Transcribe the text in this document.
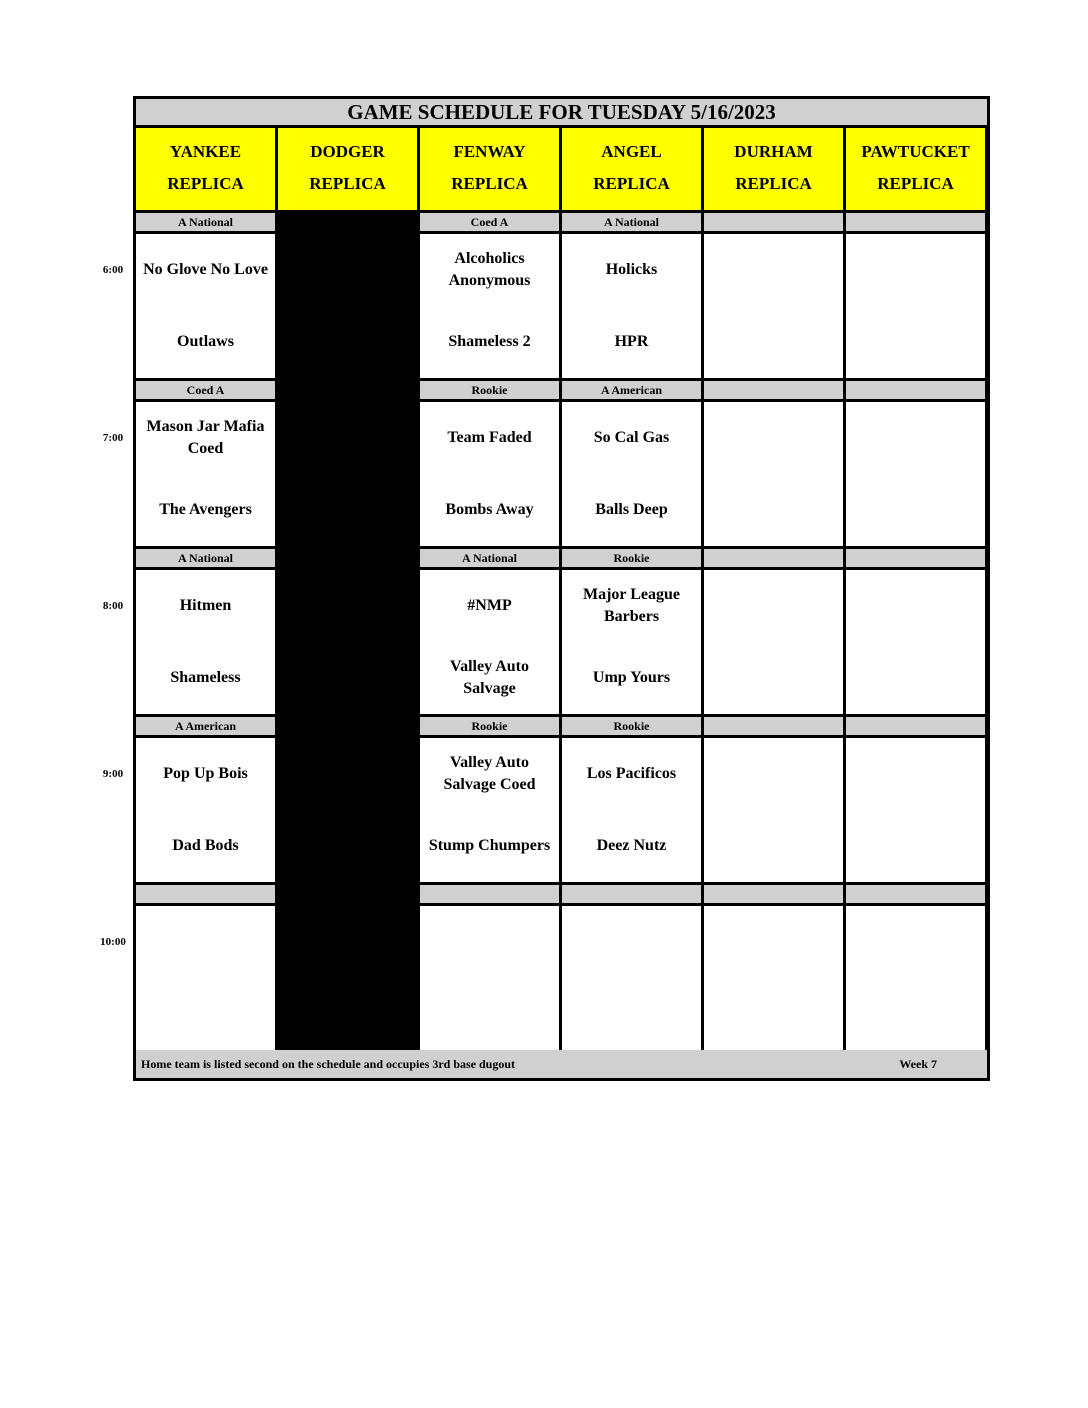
6:00
7:00
8:00
9:00
10:00
GAME SCHEDULE FOR TUESDAY 5/16/2023
YANKEE
REPLICA
DODGER
REPLICA
FENWAY
REPLICA
ANGEL
REPLICA
DURHAM
REPLICA
PAWTUCKET
REPLICA
A National
No Glove No Love
Outlaws
Coed A
Alcoholics Anonymous
Shameless 2
A National
Holicks
HPR
Coed A
Mason Jar Mafia Coed
The Avengers
Rookie
Team Faded
Bombs Away
A American
So Cal Gas
Balls Deep
A National
Hitmen
Shameless
A National
#NMP
Valley Auto Salvage
Rookie
Major League Barbers
Ump Yours
A American
Pop Up Bois
Dad Bods
Rookie
Valley Auto Salvage Coed
Stump Chumpers
Rookie
Los Pacificos
Deez Nutz
Home team is listed second on the schedule and occupies 3rd base dugout	Week 7
